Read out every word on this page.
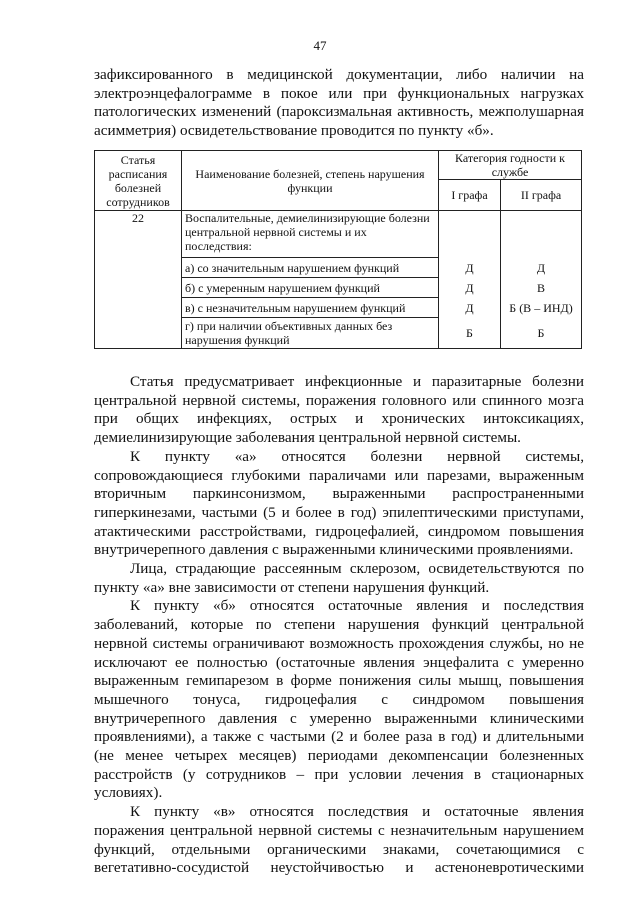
47

зафиксированного в медицинской документации, либо наличии на электроэнцефалограмме в покое или при функциональных нагрузках патологических изменений (пароксизмальная активность, межполушарная асимметрия) освидетельствование проводится по пункту «б».

Статья расписания болезней сотрудников	Наименование болезней, степень нарушения функции	Категория годности к службе	
		I графа	II графа
22	Воспалительные, демиелинизирующие болезни центральной нервной системы и их последствия:		
	а) со значительным нарушением функций	Д	Д
	б) с умеренным нарушением функций	Д	В
	в) с незначительным нарушением функций	Д	Б (В – ИНД)
	г) при наличии объективных данных без нарушения функций	Б	Б

Статья предусматривает инфекционные и паразитарные болезни центральной нервной системы, поражения головного или спинного мозга при общих инфекциях, острых и хронических интоксикациях, демиелинизирующие заболевания центральной нервной системы.

К пункту «а» относятся болезни нервной системы, сопровождающиеся глубокими параличами или парезами, выраженным вторичным паркинсонизмом, выраженными распространенными гиперкинезами, частыми (5 и более в год) эпилептическими приступами, атактическими расстройствами, гидроцефалией, синдромом повышения внутричерепного давления с выраженными клиническими проявлениями.

Лица, страдающие рассеянным склерозом, освидетельствуются по пункту «а» вне зависимости от степени нарушения функций.

К пункту «б» относятся остаточные явления и последствия заболеваний, которые по степени нарушения функций центральной нервной системы ограничивают возможность прохождения службы, но не исключают ее полностью (остаточные явления энцефалита с умеренно выраженным гемипарезом в форме понижения силы мышц, повышения мышечного тонуса, гидроцефалия с синдромом повышения внутричерепного давления с умеренно выраженными клиническими проявлениями), а также с частыми (2 и более раза в год) и длительными (не менее четырех месяцев) периодами декомпенсации болезненных расстройств (у сотрудников – при условии лечения в стационарных условиях).

К пункту «в» относятся последствия и остаточные явления поражения центральной нервной системы с незначительным нарушением функций, отдельными органическими знаками, сочетающимися с вегетативно-сосудистой неустойчивостью и астеноневротическими
